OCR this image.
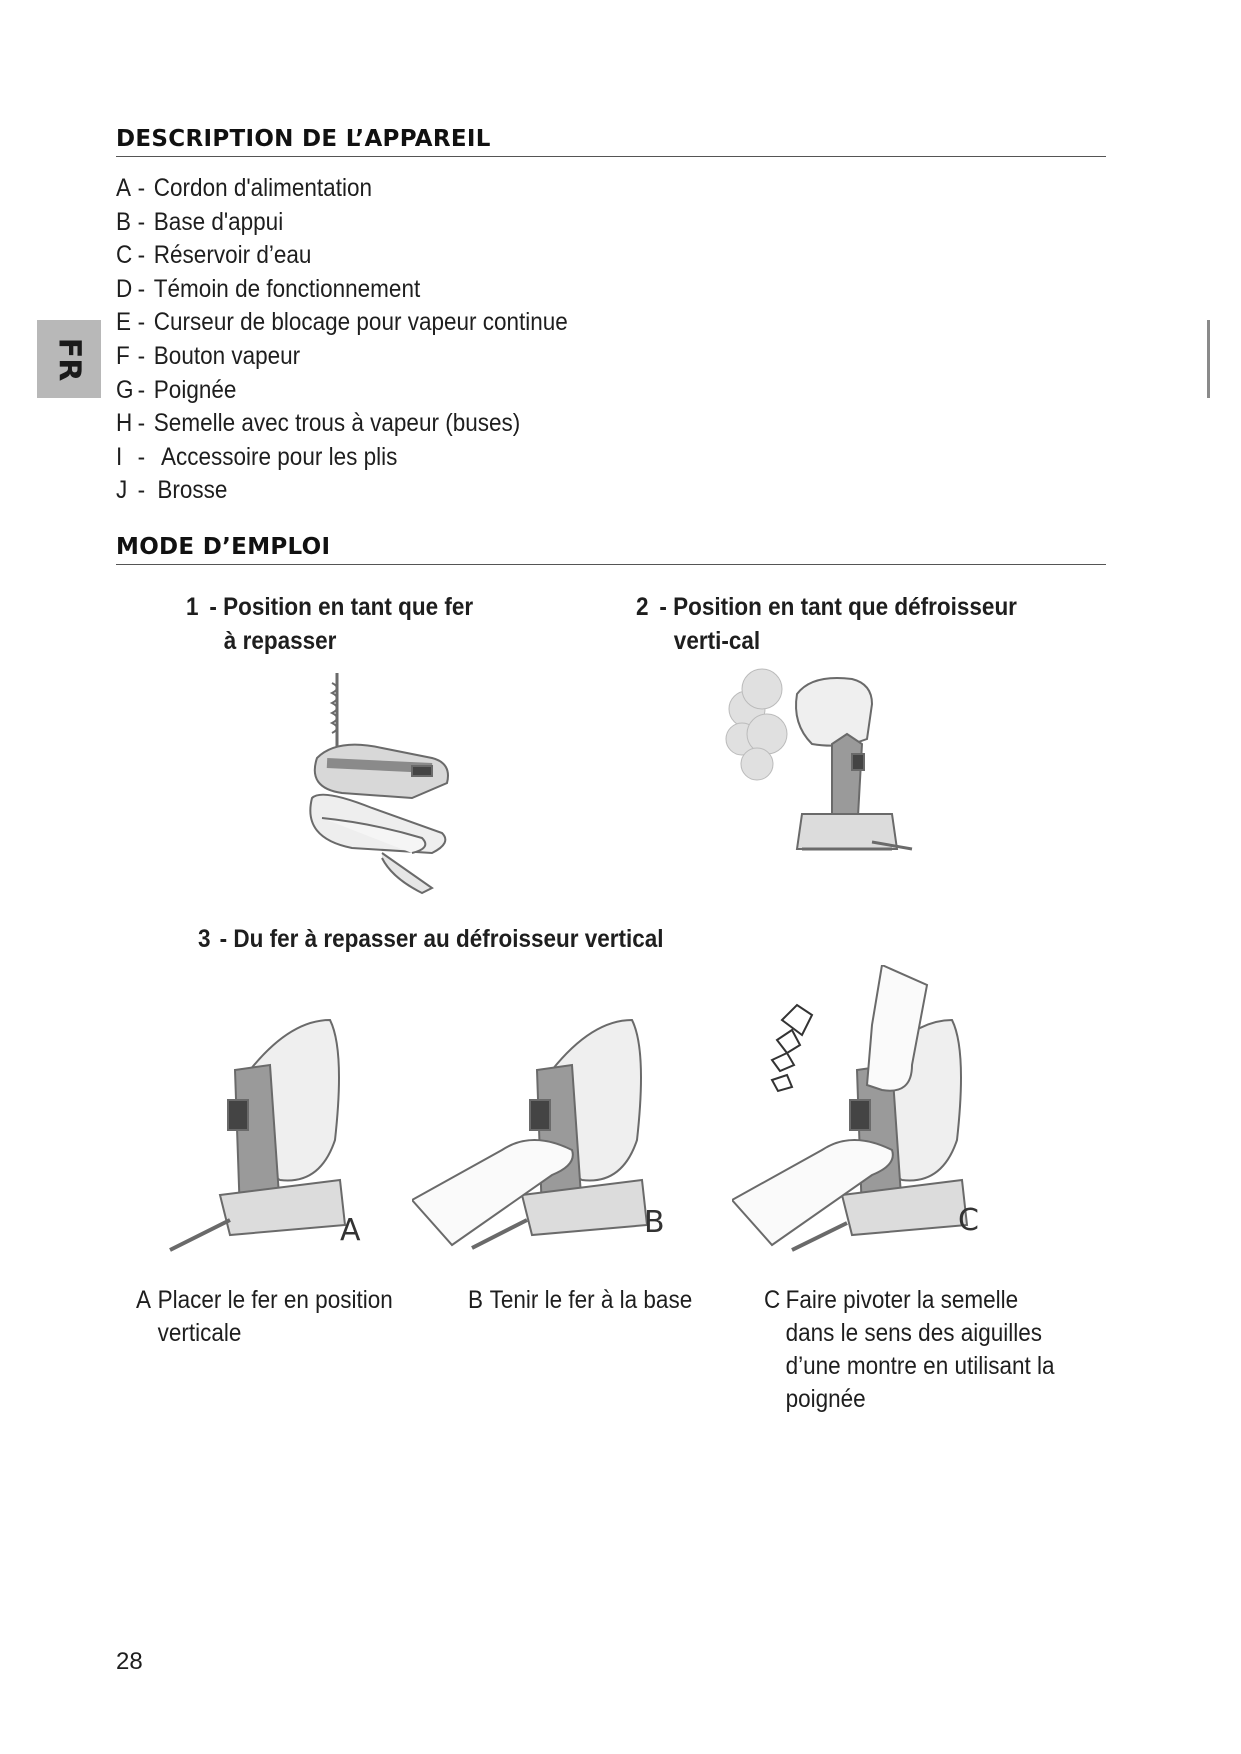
FR
DESCRIPTION DE L’APPAREIL
A - Cordon d'alimentation
B - Base d'appui
C - Réservoir d’eau
D - Témoin de fonctionnement
E - Curseur de blocage pour vapeur continue
F - Bouton vapeur
G - Poignée
H - Semelle avec trous à vapeur (buses)
I - Accessoire pour les plis
J - Brosse
MODE D’EMPLOI
1 - Position en tant que fer à repasser
2 - Position en tant que défroisseur verti-cal
3 - Du fer à repasser au défroisseur vertical
A	B	C
A Placer le fer en position verticale
B Tenir le fer à la base	C Faire pivoter la semelle dans le sens des aiguilles d’une montre en utilisant la poignée
28
